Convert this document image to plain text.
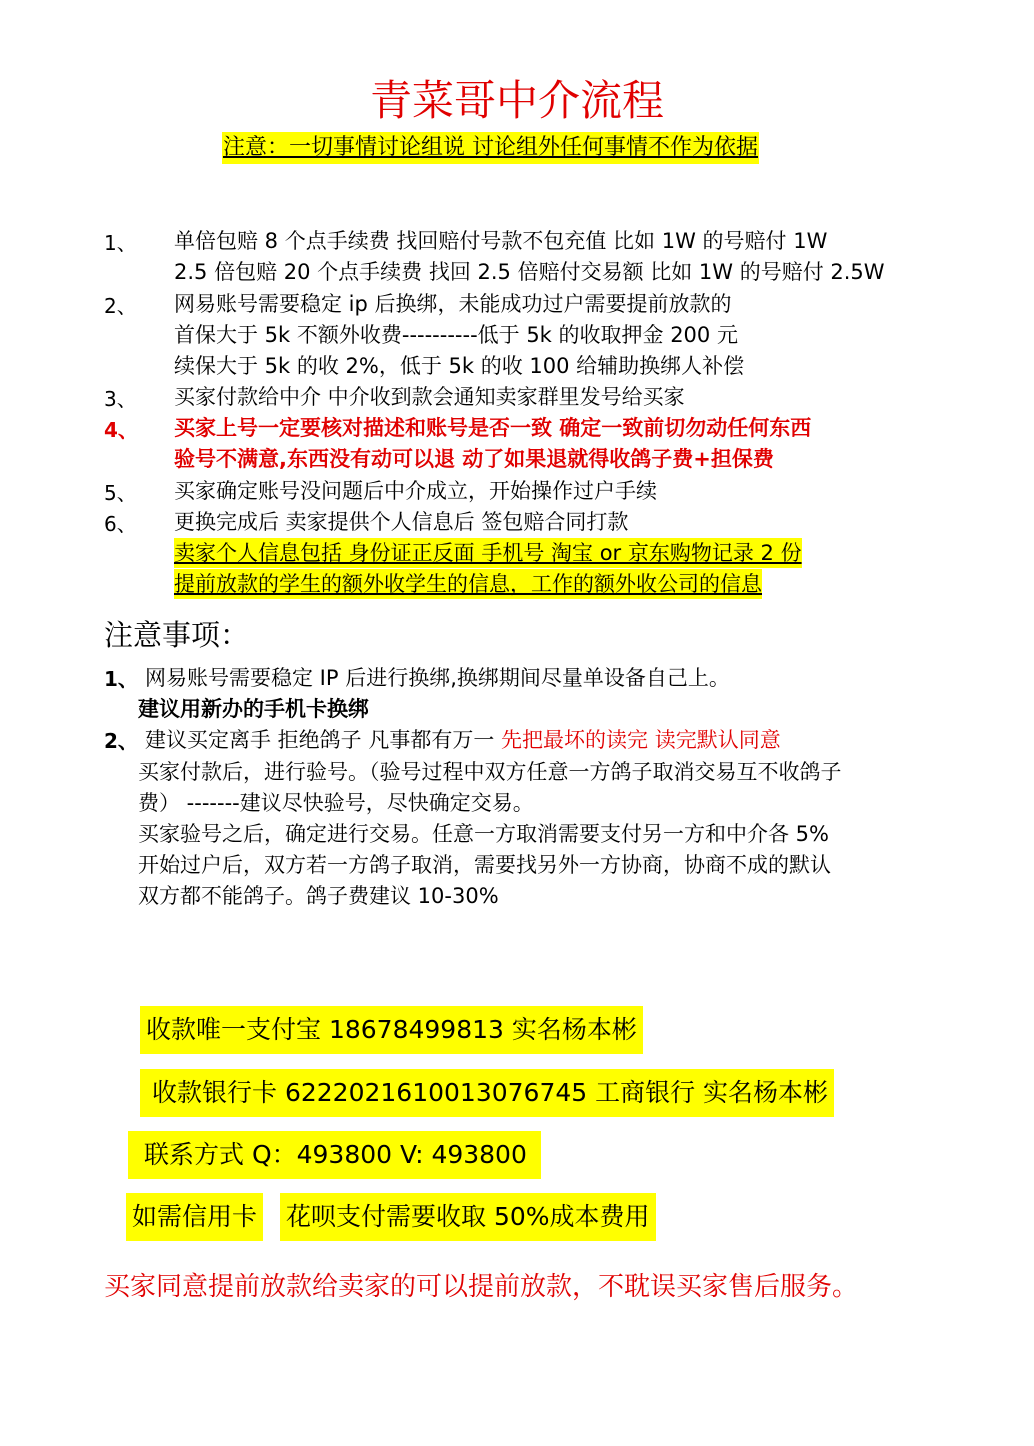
青菜哥中介流程
注意：一切事情讨论组说 讨论组外任何事情不作为依据
1、 单倍包赔 8 个点手续费 找回赔付号款不包充值 比如 1W 的号赔付 1W
2.5 倍包赔 20 个点手续费 找回 2.5 倍赔付交易额 比如 1W 的号赔付 2.5W
2、 网易账号需要稳定 ip 后换绑，未能成功过户需要提前放款的
首保大于 5k 不额外收费----------低于 5k 的收取押金 200 元
续保大于 5k 的收 2%，低于 5k 的收 100 给辅助换绑人补偿
3、 买家付款给中介 中介收到款会通知卖家群里发号给买家
4、 买家上号一定要核对描述和账号是否一致 确定一致前切勿动任何东西
验号不满意,东西没有动可以退 动了如果退就得收鸽子费+担保费
5、 买家确定账号没问题后中介成立，开始操作过户手续
6、 更换完成后 卖家提供个人信息后 签包赔合同打款
卖家个人信息包括 身份证正反面 手机号 淘宝 or 京东购物记录 2 份
提前放款的学生的额外收学生的信息，工作的额外收公司的信息
注意事项：
1、 网易账号需要稳定 IP 后进行换绑,换绑期间尽量单设备自己上。
建议用新办的手机卡换绑
2、 建议买定离手 拒绝鸽子 凡事都有万一 先把最坏的读完 读完默认同意
买家付款后，进行验号。（验号过程中双方任意一方鸽子取消交易互不收鸽子
费） -------建议尽快验号，尽快确定交易。
买家验号之后，确定进行交易。任意一方取消需要支付另一方和中介各 5%
开始过户后，双方若一方鸽子取消，需要找另外一方协商，协商不成的默认
双方都不能鸽子。鸽子费建议 10-30%
收款唯一支付宝 18678499813 实名杨本彬
收款银行卡 6222021610013076745 工商银行 实名杨本彬
联系方式 Q：493800 V: 493800
如需信用卡 花呗支付需要收取 50%成本费用
买家同意提前放款给卖家的可以提前放款，不耽误买家售后服务。
